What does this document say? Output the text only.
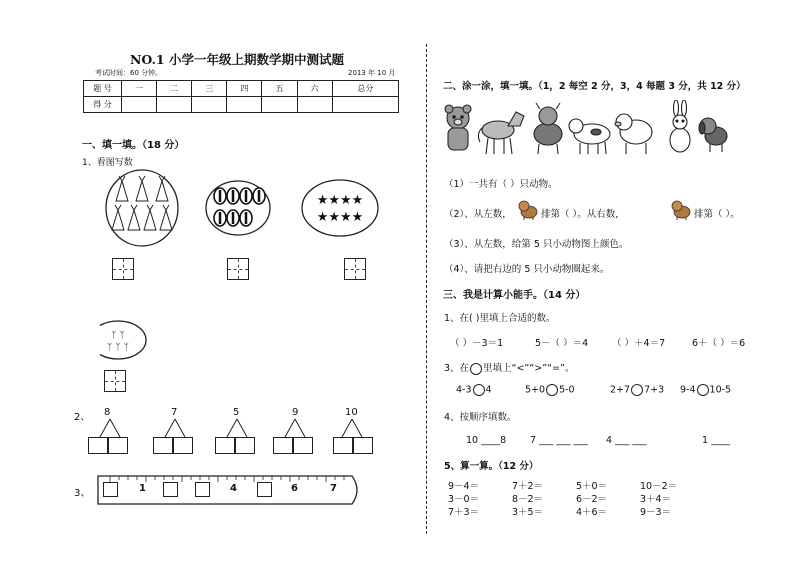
NO.1 小学一年级上期数学期中测试题
考试时间：60 分钟。	2013 年 10 月
题 号	一	二	三	四	五	六	总分
得 分							
一、填一填。（18 分）
1、看图写数
★★★★
★★★★
ᛉ ᛉ
ᛉ ᛉ ᛉ
2、 8	7	5	9	10
3、	1	4	6	7
二、涂一涂，填一填。（1，2 每空 2 分，3，4 每题 3 分，共 12 分）
（1）一共有（ ）只动物。
（2）、从左数，	排第（ ）。从右数，	排第（ ）。
（3）、从左数，给第 5 只小动物图上颜色。
（4）、请把右边的 5 只小动物圈起来。
三、我是计算小能手。（14 分）
1、在( )里填上合适的数。
（ ）－3＝1	5－（ ）＝4	（ ）＋4＝7	6＋（ ）＝6
3、在 里填上“<”“>”“=”。
4-3 4	5+0 5-0	2+7 7+3 9-4 10-5
4、按顺序填数。
10 ____8	7 ___ ___ ___ 4 ___ ___	1 ____
5、算一算。（12 分）
9－4＝	7＋2＝	5＋0＝	10－2＝
3－0＝	8－2＝	6－2＝	3＋4＝
7＋3＝	3＋5＝	4＋6＝	9－3＝
